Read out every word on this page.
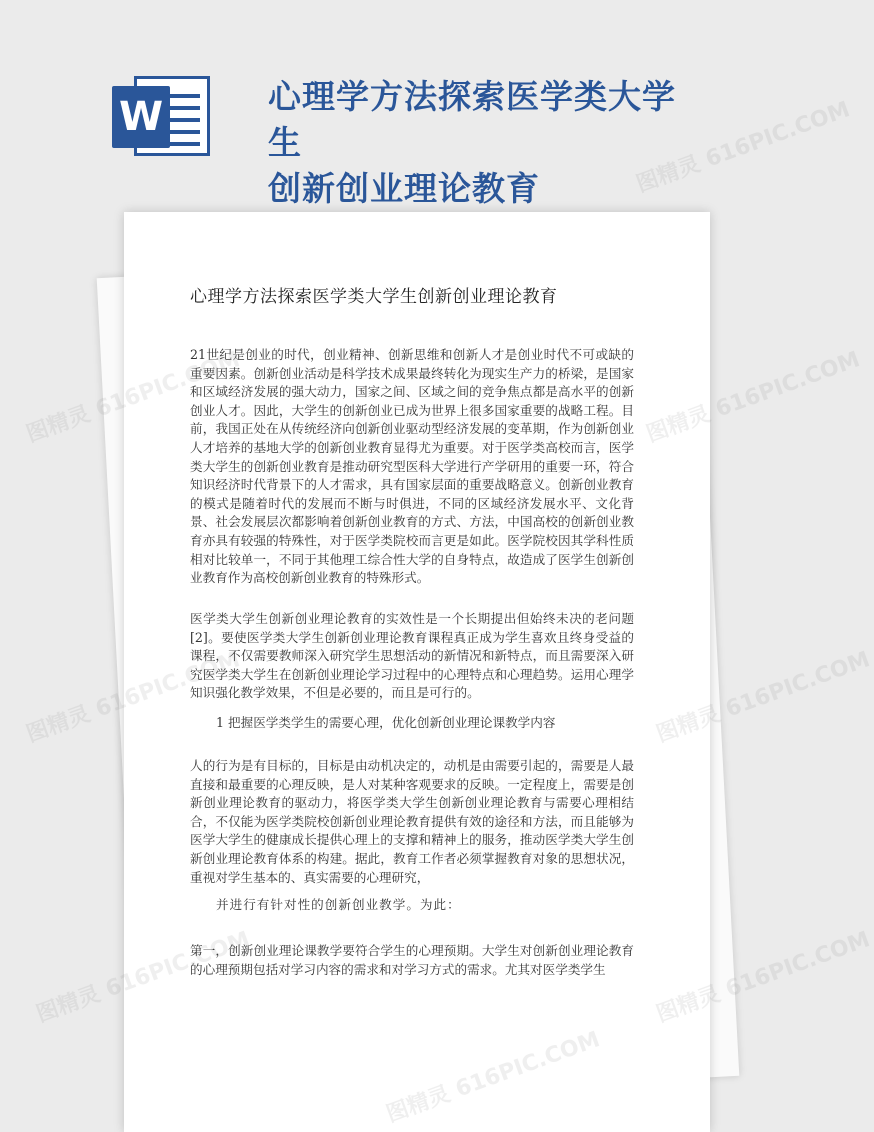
W	心理学方法探索医学类大学生
创新创业理论教育
心理学方法探索医学类大学生创新创业理论教育
21世纪是创业的时代，创业精神、创新思维和创新人才是创业时代不可或缺的重要因素。创新创业活动是科学技术成果最终转化为现实生产力的桥梁，是国家和区域经济发展的强大动力，国家之间、区域之间的竞争焦点都是高水平的创新创业人才。因此，大学生的创新创业已成为世界上很多国家重要的战略工程。目前，我国正处在从传统经济向创新创业驱动型经济发展的变革期，作为创新创业人才培养的基地大学的创新创业教育显得尤为重要。对于医学类高校而言，医学类大学生的创新创业教育是推动研究型医科大学进行产学研用的重要一环，符合知识经济时代背景下的人才需求，具有国家层面的重要战略意义。创新创业教育的模式是随着时代的发展而不断与时俱进，不同的区域经济发展水平、文化背景、社会发展层次都影响着创新创业教育的方式、方法，中国高校的创新创业教育亦具有较强的特殊性，对于医学类院校而言更是如此。医学院校因其学科性质相对比较单一，不同于其他理工综合性大学的自身特点，故造成了医学生创新创业教育作为高校创新创业教育的特殊形式。
医学类大学生创新创业理论教育的实效性是一个长期提出但始终未决的老问题[2]。要使医学类大学生创新创业理论教育课程真正成为学生喜欢且终身受益的课程，不仅需要教师深入研究学生思想活动的新情况和新特点，而且需要深入研究医学类大学生在创新创业理论学习过程中的心理特点和心理趋势。运用心理学知识强化教学效果，不但是必要的，而且是可行的。
1 把握医学类学生的需要心理，优化创新创业理论课教学内容
人的行为是有目标的，目标是由动机决定的，动机是由需要引起的，需要是人最直接和最重要的心理反映，是人对某种客观要求的反映。一定程度上，需要是创新创业理论教育的驱动力，将医学类大学生创新创业理论教育与需要心理相结合，不仅能为医学类院校创新创业理论教育提供有效的途径和方法，而且能够为医学大学生的健康成长提供心理上的支撑和精神上的服务，推动医学类大学生创新创业理论教育体系的构建。据此，教育工作者必须掌握教育对象的思想状况，重视对学生基本的、真实需要的心理研究，
并进行有针对性的创新创业教学。为此：
第一，创新创业理论课教学要符合学生的心理预期。大学生对创新创业理论教育的心理预期包括对学习内容的需求和对学习方式的需求。尤其对医学类学生
图精灵 616PIC.COM
图精灵	图精灵 616PIC.COM
图精灵	图精灵 616PIC.COM
图精灵	图精灵 616PIC.COM
